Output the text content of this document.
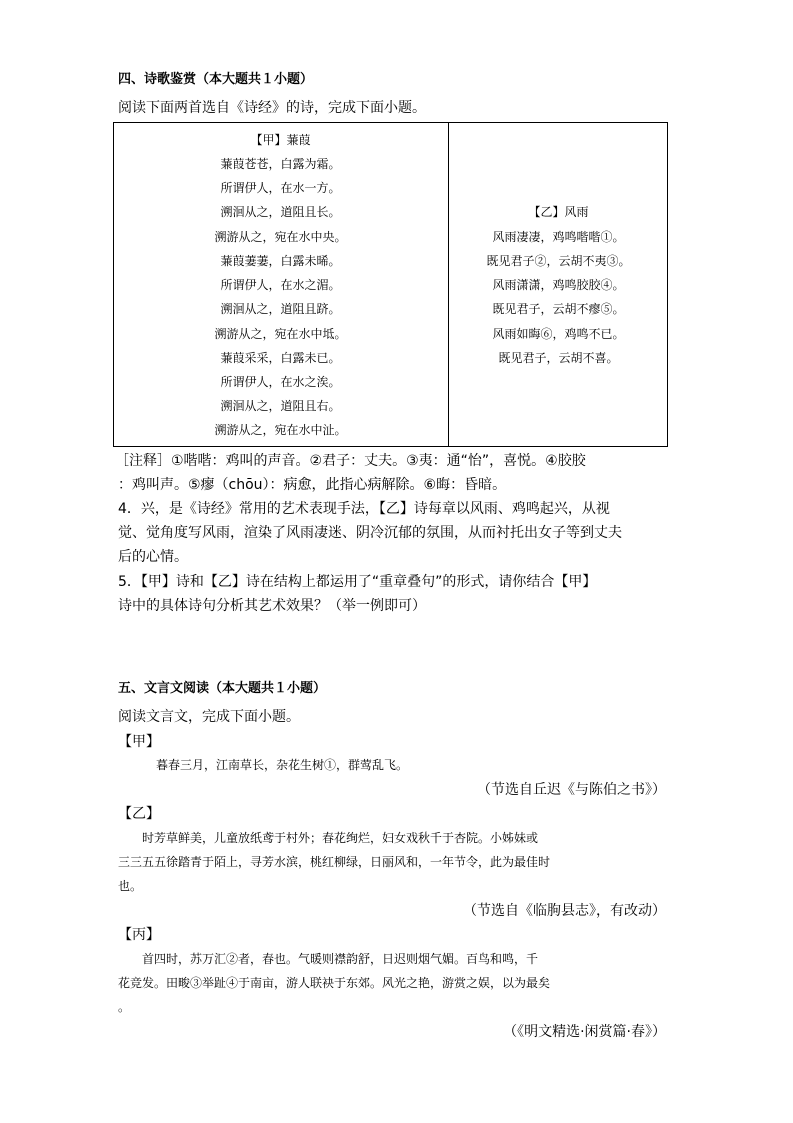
四、诗歌鉴赏（本大题共１小题）
阅读下面两首选自《诗经》的诗，完成下面小题。
【甲】蒹葭
蒹葭苍苍，白露为霜。
所谓伊人，在水一方。
溯洄从之，道阻且长。
溯游从之，宛在水中央。
蒹葭萋萋，白露未晞。
所谓伊人，在水之湄。
溯洄从之，道阻且跻。
溯游从之，宛在水中坻。
蒹葭采采，白露未已。
所谓伊人，在水之涘。
溯洄从之，道阻且右。
溯游从之，宛在水中沚。
【乙】风雨
风雨凄凄，鸡鸣喈喈①。
既见君子②，云胡不夷③。
风雨潇潇，鸡鸣胶胶④。
既见君子，云胡不瘳⑤。
风雨如晦⑥，鸡鸣不已。
既见君子，云胡不喜。
［注释］①喈喈：鸡叫的声音。②君子：丈夫。③夷：通“怡”，喜悦。④胶胶
：鸡叫声。⑤瘳（chōu）：病愈，此指心病解除。⑥晦：昏暗。
4．兴，是《诗经》常用的艺术表现手法，【乙】诗每章以风雨、鸡鸣起兴，从视
觉、觉角度写风雨，渲染了风雨凄迷、阴冷沉郁的氛围，从而衬托出女子等到丈夫
后的心情。
5．【甲】诗和【乙】诗在结构上都运用了“重章叠句”的形式，请你结合【甲】
诗中的具体诗句分析其艺术效果？（举一例即可）
五、文言文阅读（本大题共１小题）
阅读文言文，完成下面小题。
【甲】
暮春三月，江南草长，杂花生树①，群莺乱飞。
（节选自丘迟《与陈伯之书》）
【乙】
时芳草鲜美，儿童放纸鸢于村外；春花绚烂，妇女戏秋千于杏院。小姊妹或
三三五五徐踏青于陌上，寻芳水滨，桃红柳绿，日丽风和，一年节令，此为最佳时
也。
（节选自《临朐县志》，有改动）
【丙】
首四时，苏万汇②者，春也。气暖则襟韵舒，日迟则烟气媚。百鸟和鸣，千
花竞发。田畯③举趾④于南亩，游人联袂于东郊。风光之艳，游赏之娱，以为最矣
。
（《明文精选·闲赏篇·春》）
